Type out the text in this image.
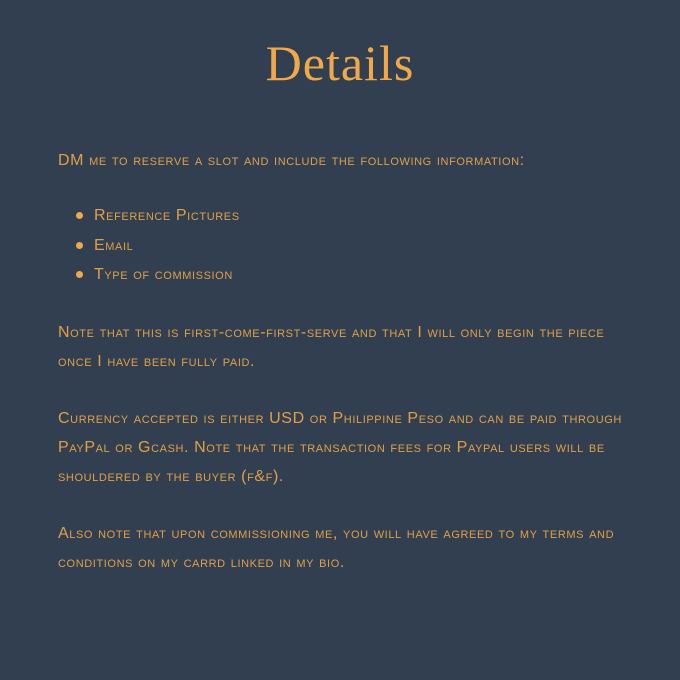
Details

DM me to reserve a slot and include the following information:

Reference Pictures
Email
Type of commission

Note that this is first-come-first-serve and that I will only begin the piece once I have been fully paid.

Currency accepted is either USD or Philippine Peso and can be paid through PayPal or Gcash. Note that the transaction fees for Paypal users will be shouldered by the buyer (f&f).

Also note that upon commissioning me, you will have agreed to my terms and conditions on my carrd linked in my bio.
